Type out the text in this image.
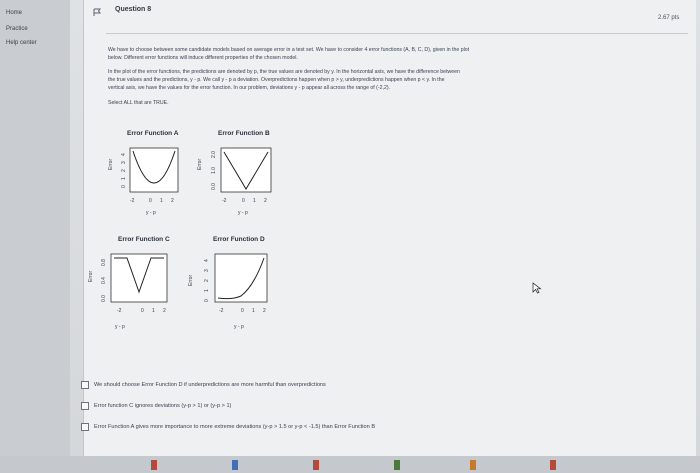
Home
Practice
Help center
Question 8
2.67 pts
We have to choose between some candidate models based on average error in a test set. We have to consider 4 error functions (A, B, C, D), given in the plot
below. Different error functions will induce different properties of the chosen model.
In the plot of the error functions, the predictions are denoted by p, the true values are denoted by y. In the horizontal axis, we have the difference between
the true values and the predictions, y - p. We call y - p a deviation. Overpredictions happen when p > y, underpredictions happen when p < y. In the
vertical axis, we have the values for the error function. In our problem, deviations y - p appear all across the range of (-2,2).
Select ALL that are TRUE.
Error Function A
Error
0
1
2
3
4
-2	0 1 2
y - p
Error Function B
Error
0.0
1.0
2.0
-2	0 1 2
y - p
Error Function C
Error
0.0
0.4
0.8
-2	0 1 2
y - p
Error Function D
Error
0
1
2
3
4
-2	0 1 2
y - p
We should choose Error Function D if underpredictions are more harmful than overpredictions
Error function C ignores deviations (y-p > 1) or (y-p > 1)
Error Function A gives more importance to more extreme deviations (y-p > 1.5 or y-p < -1.5) than Error Function B
